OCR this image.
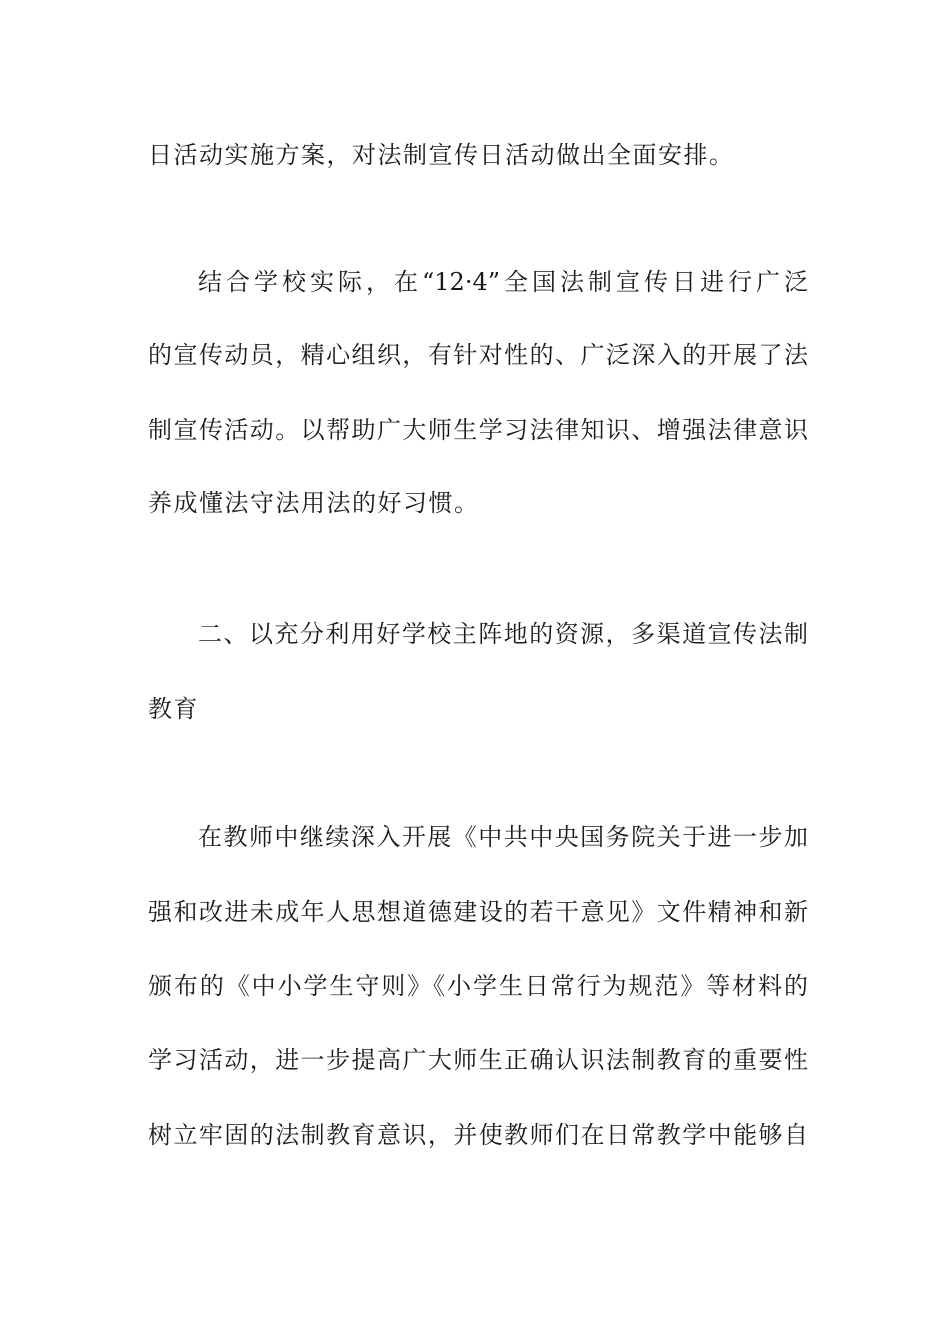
日活动实施方案，对法制宣传日活动做出全面安排。
结合学校实际，在“12·4”全国法制宣传日进行广泛
的宣传动员，精心组织，有针对性的、广泛深入的开展了法
制宣传活动。以帮助广大师生学习法律知识、增强法律意识
养成懂法守法用法的好习惯。
二、以充分利用好学校主阵地的资源，多渠道宣传法制
教育
在教师中继续深入开展《中共中央国务院关于进一步加
强和改进未成年人思想道德建设的若干意见》文件精神和新
颁布的《中小学生守则》《小学生日常行为规范》等材料的
学习活动，进一步提高广大师生正确认识法制教育的重要性
树立牢固的法制教育意识，并使教师们在日常教学中能够自
